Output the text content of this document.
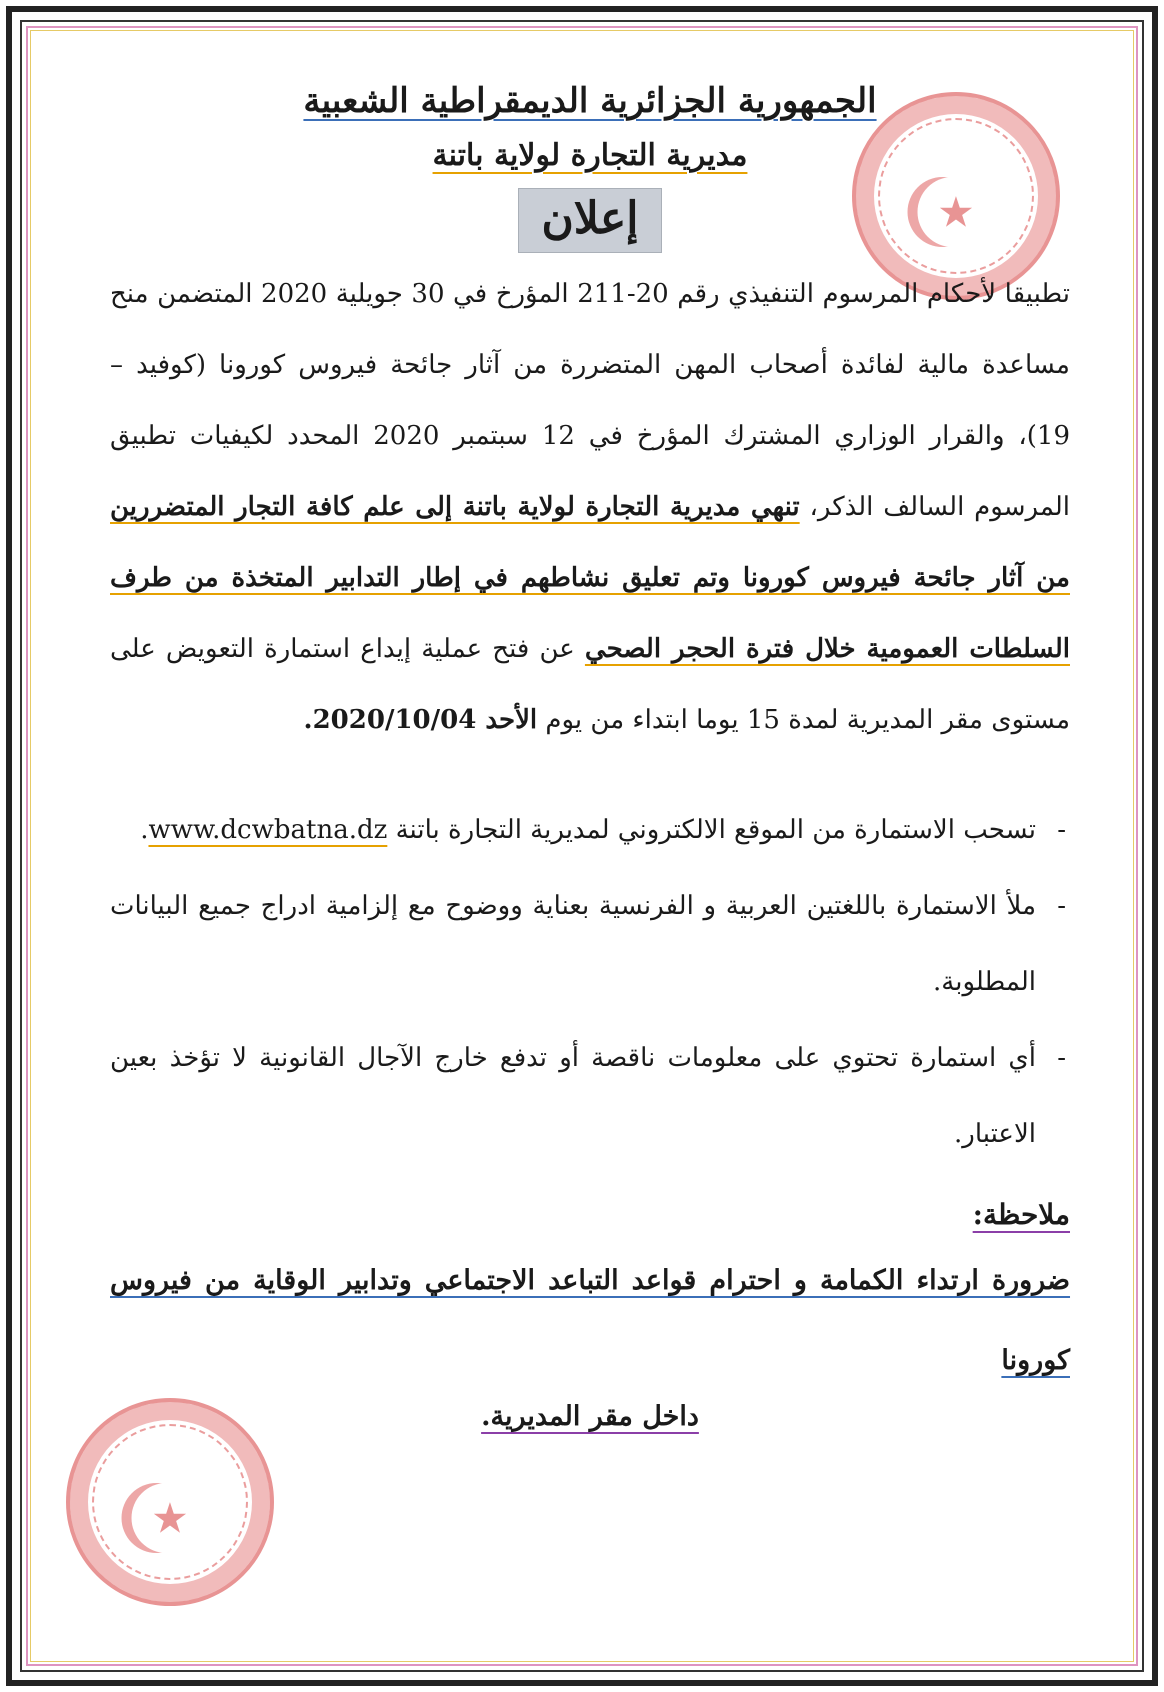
★
★
الجمهورية الجزائرية الديمقراطية الشعبية
مديرية التجارة لولاية باتنة
إعلان
تطبيقا لأحكام المرسوم التنفيذي رقم 20-211 المؤرخ في 30 جويلية 2020 المتضمن منح مساعدة مالية لفائدة أصحاب المهن المتضررة من آثار جائحة فيروس كورونا (كوفيد – 19)، والقرار الوزاري المشترك المؤرخ في 12 سبتمبر 2020 المحدد لكيفيات تطبيق المرسوم السالف الذكر، تنهي مديرية التجارة لولاية باتنة إلى علم كافة التجار المتضررين من آثار جائحة فيروس كورونا وتم تعليق نشاطهم في إطار التدابير المتخذة من طرف السلطات العمومية خلال فترة الحجر الصحي عن فتح عملية إيداع استمارة التعويض على مستوى مقر المديرية لمدة 15 يوما ابتداء من يوم الأحد 2020/10/04.
-
تسحب الاستمارة من الموقع الالكتروني لمديرية التجارة باتنة www.dcwbatna.dz.
-
ملأ الاستمارة باللغتين العربية و الفرنسية بعناية ووضوح مع إلزامية ادراج جميع البيانات المطلوبة.
-
أي استمارة تحتوي على معلومات ناقصة أو تدفع خارج الآجال القانونية لا تؤخذ بعين الاعتبار.
ملاحظة:
ضرورة ارتداء الكمامة و احترام قواعد التباعد الاجتماعي وتدابير الوقاية من فيروس كورونا
داخل مقر المديرية.
